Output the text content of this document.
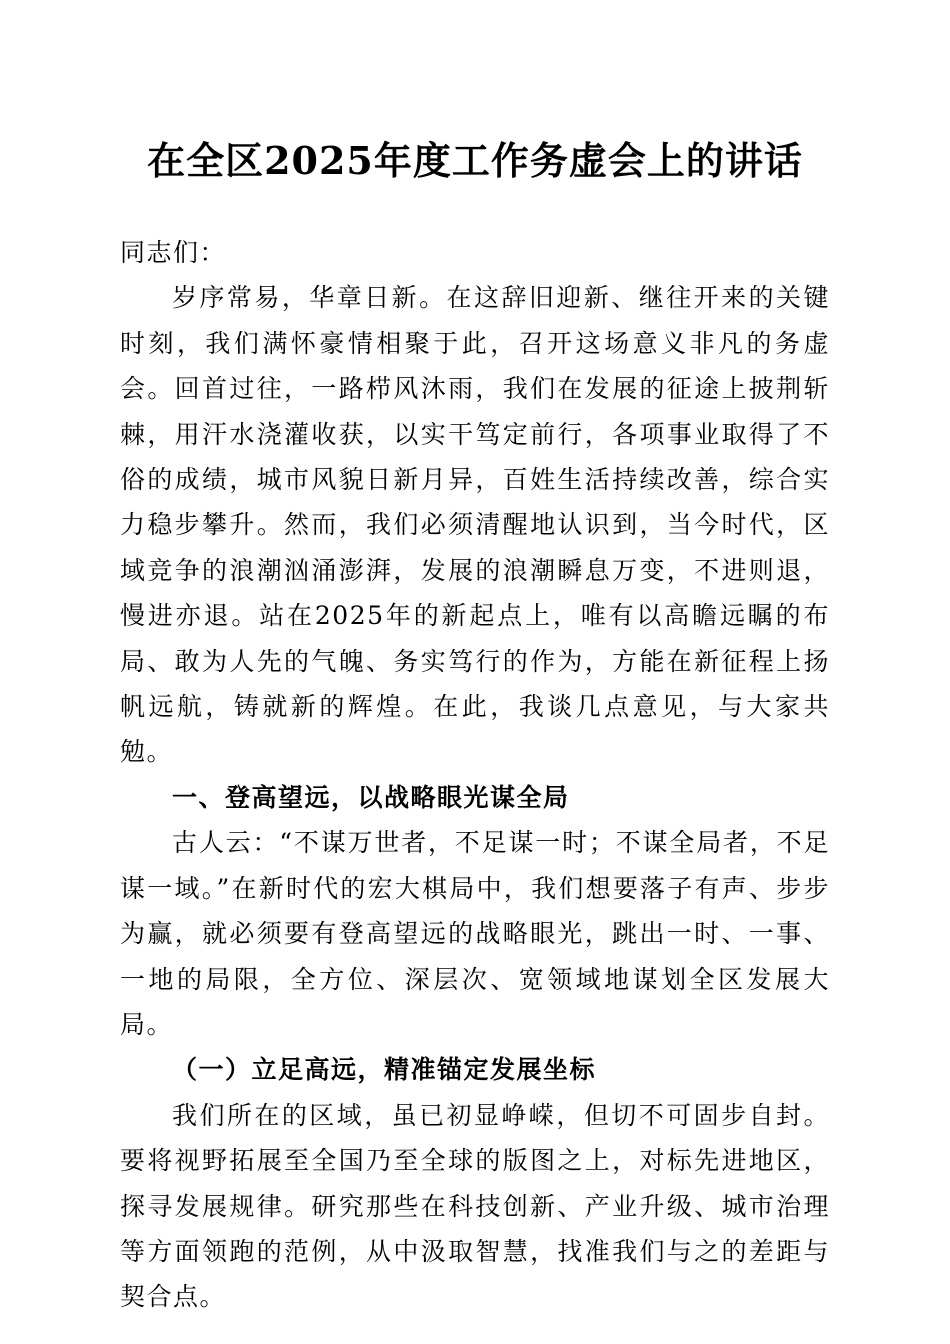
在全区2025年度工作务虚会上的讲话

同志们：

岁序常易，华章日新。在这辞旧迎新、继往开来的关键时刻，我们满怀豪情相聚于此，召开这场意义非凡的务虚会。回首过往，一路栉风沐雨，我们在发展的征途上披荆斩棘，用汗水浇灌收获，以实干笃定前行，各项事业取得了不俗的成绩，城市风貌日新月异，百姓生活持续改善，综合实力稳步攀升。然而，我们必须清醒地认识到，当今时代，区域竞争的浪潮汹涌澎湃，发展的浪潮瞬息万变，不进则退，慢进亦退。站在2025年的新起点上，唯有以高瞻远瞩的布局、敢为人先的气魄、务实笃行的作为，方能在新征程上扬帆远航，铸就新的辉煌。在此，我谈几点意见，与大家共勉。

一、登高望远，以战略眼光谋全局

古人云：“不谋万世者，不足谋一时；不谋全局者，不足谋一域。”在新时代的宏大棋局中，我们想要落子有声、步步为赢，就必须要有登高望远的战略眼光，跳出一时、一事、一地的局限，全方位、深层次、宽领域地谋划全区发展大局。

（一）立足高远，精准锚定发展坐标

我们所在的区域，虽已初显峥嵘，但切不可固步自封。要将视野拓展至全国乃至全球的版图之上，对标先进地区，探寻发展规律。研究那些在科技创新、产业升级、城市治理等方面领跑的范例，从中汲取智慧，找准我们与之的差距与契合点。
